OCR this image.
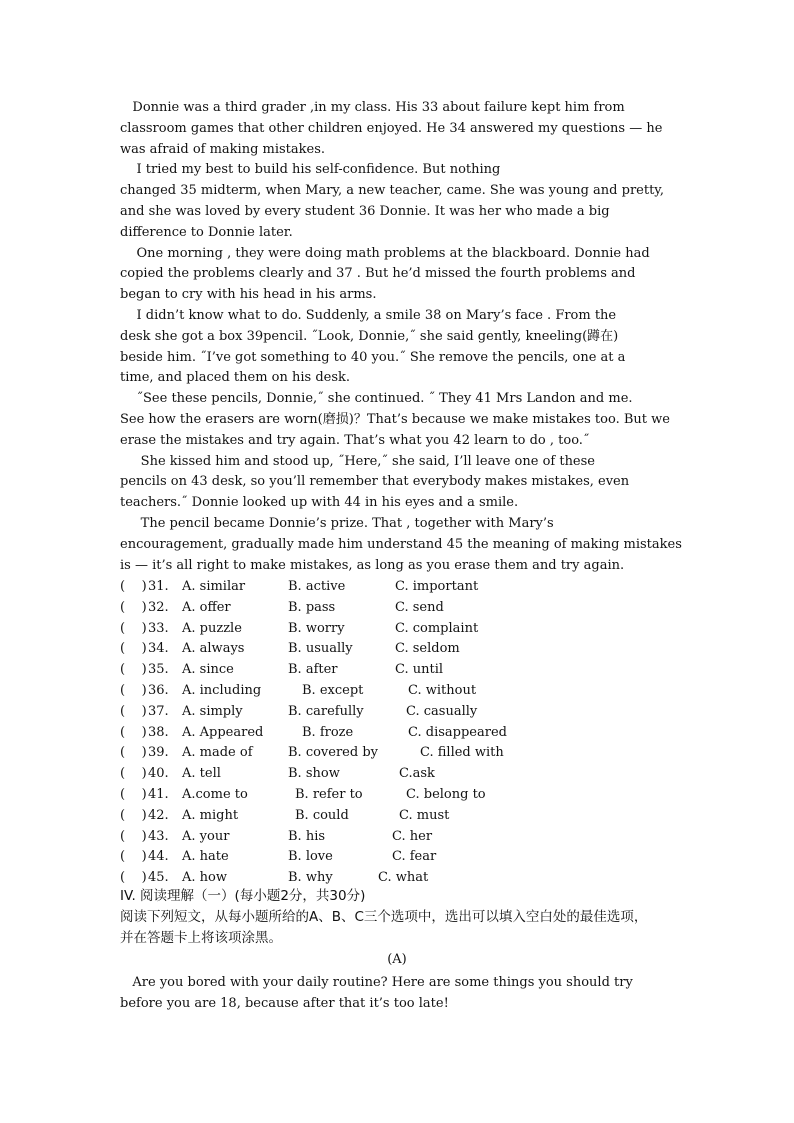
Donnie was a third grader ,in my class. His 33 about failure kept him from
classroom games that other children enjoyed. He 34 answered my questions — he
was afraid of making mistakes.
I tried my best to build his self-confidence. But nothing
changed 35 midterm, when Mary, a new teacher, came. She was young and pretty,
and she was loved by every student 36 Donnie. It was her who made a big
difference to Donnie later.
One morning , they were doing math problems at the blackboard. Donnie had
copied the problems clearly and 37 . But he’d missed the fourth problems and
began to cry with his head in his arms.
I didn’t know what to do. Suddenly, a smile 38 on Mary’s face . From the
desk she got a box 39pencil. ˝Look, Donnie,˝ she said gently, kneeling(蹲在)
beside him. ˝I’ve got something to 40 you.˝ She remove the pencils, one at a
time, and placed them on his desk.
˝See these pencils, Donnie,˝ she continued. ˝ They 41 Mrs Landon and me.
See how the erasers are worn(磨损)？That’s because we make mistakes too. But we
erase the mistakes and try again. That’s what you 42 learn to do , too.˝
She kissed him and stood up, ˝Here,˝ she said, I’ll leave one of these
pencils on 43 desk, so you’ll remember that everybody makes mistakes, even
teachers.˝ Donnie looked up with 44 in his eyes and a smile.
The pencil became Donnie’s prize. That , together with Mary’s
encouragement, gradually made him understand 45 the meaning of making mistakes
is — it’s all right to make mistakes, as long as you erase them and try again.
(    ) 31. A. similar	B. active	C. important
(    ) 32. A. offer	B. pass	C. send
(    ) 33. A. puzzle	B. worry	C. complaint
(    ) 34. A. always	B. usually	C. seldom
(    ) 35. A. since	B. after	C. until
(    ) 36. A. including	B. except	C. without
(    ) 37. A. simply	B. carefully	C. casually
(    ) 38. A. Appeared	B. froze	C. disappeared
(    ) 39. A. made of	B. covered by	C. filled with
(    ) 40. A. tell	B. show	C.ask
(    ) 41. A.come to	B. refer to	C. belong to
(    ) 42. A. might	B. could	C. must
(    ) 43. A. your	B. his	C. her
(    ) 44. A. hate	B. love	C. fear
(    ) 45. A. how	B. why	C. what
IV. 阅读理解（一）(每小题2分，共30分)
阅读下列短文，从每小题所给的A、B、C三个选项中，选出可以填入空白处的最佳选项，
并在答题卡上将该项涂黑。
(A)
Are you bored with your daily routine? Here are some things you should try
before you are 18, because after that it’s too late!
